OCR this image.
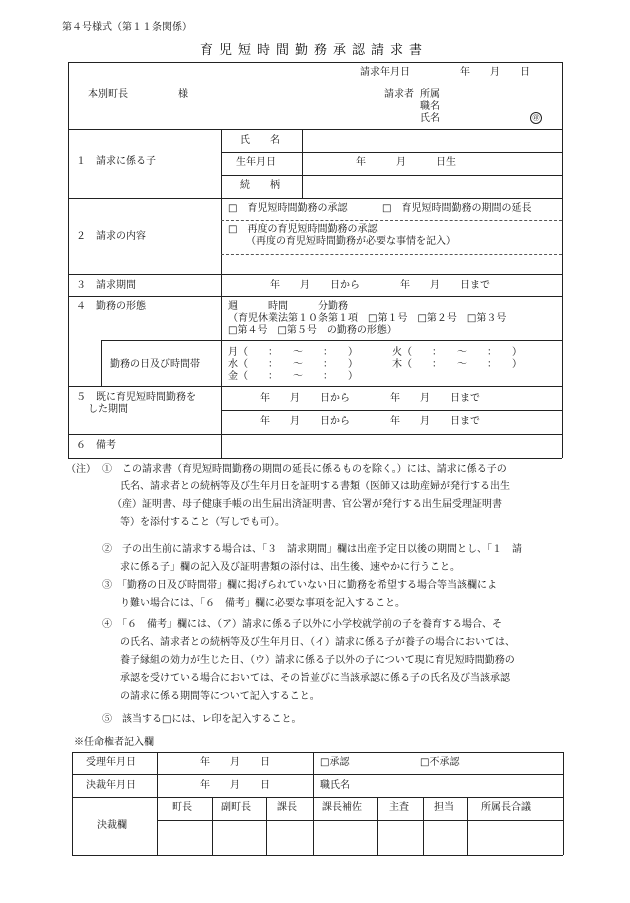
第４号様式（第１１条関係）
育児短時間勤務承認請求書
請求年月日　　　　　年　　月　　日
本別町長　　　　　様	請求者 所属
職名
氏名	㊞
１　請求に係る子
氏　　名
生年月日	年　　　月　　　日生
続　　柄
２　請求の内容
□　育児短時間勤務の承認	□　育児短時間勤務の期間の延長
□　再度の育児短時間勤務の承認
（再度の育児短時間勤務が必要な事情を記入）
３　請求期間	年　　月　　日から　　　　年　　月　　日まで
４　勤務の形態	週　　　時間　　　分勤務
（育児休業法第１０条第１項　□第１号　□第２号　□第３号
□第４号　□第５号　の勤務の形態）
勤務の日及び時間帯
月（　　：　　〜　　：　　）	火（　　：　　〜　　：　　）
水（　　：　　〜　　：　　）	木（　　：　　〜　　：　　）
金（　　：　　〜　　：　　）
５　既に育児短時間勤務を
した期間
年　　月　　日から　　　　年　　月　　日まで
年　　月　　日から　　　　年　　月　　日まで
６　備考
（注） ①　この請求書（育児短時間勤務の期間の延長に係るものを除く。）には、請求に係る子の
氏名、請求者との続柄等及び生年月日を証明する書類（医師又は助産婦が発行する出生
（産）証明書、母子健康手帳の出生届出済証明書、官公署が発行する出生届受理証明書
等）を添付すること（写しでも可）。
②　子の出生前に請求する場合は、「３　請求期間」欄は出産予定日以後の期間とし、「１　請
求に係る子」欄の記入及び証明書類の添付は、出生後、速やかに行うこと。
③　「勤務の日及び時間帯」欄に掲げられていない日に勤務を希望する場合等当該欄によ
り難い場合には、「６　備考」欄に必要な事項を記入すること。
④　「６　備考」欄には、（ア）請求に係る子以外に小学校就学前の子を養育する場合、そ
の氏名、請求者との続柄等及び生年月日、（イ）請求に係る子が養子の場合においては、
養子縁組の効力が生じた日、（ウ）請求に係る子以外の子について現に育児短時間勤務の
承認を受けている場合においては、その旨並びに当該承認に係る子の氏名及び当該承認
の請求に係る期間等について記入すること。
⑤　該当する□には、レ印を記入すること。
※任命権者記入欄
受理年月日	年　　月　　日	□承認	□不承認
決裁年月日	年　　月　　日	職氏名
決裁欄
町長	副町長	課長	課長補佐	主査	担当	所属長合議
